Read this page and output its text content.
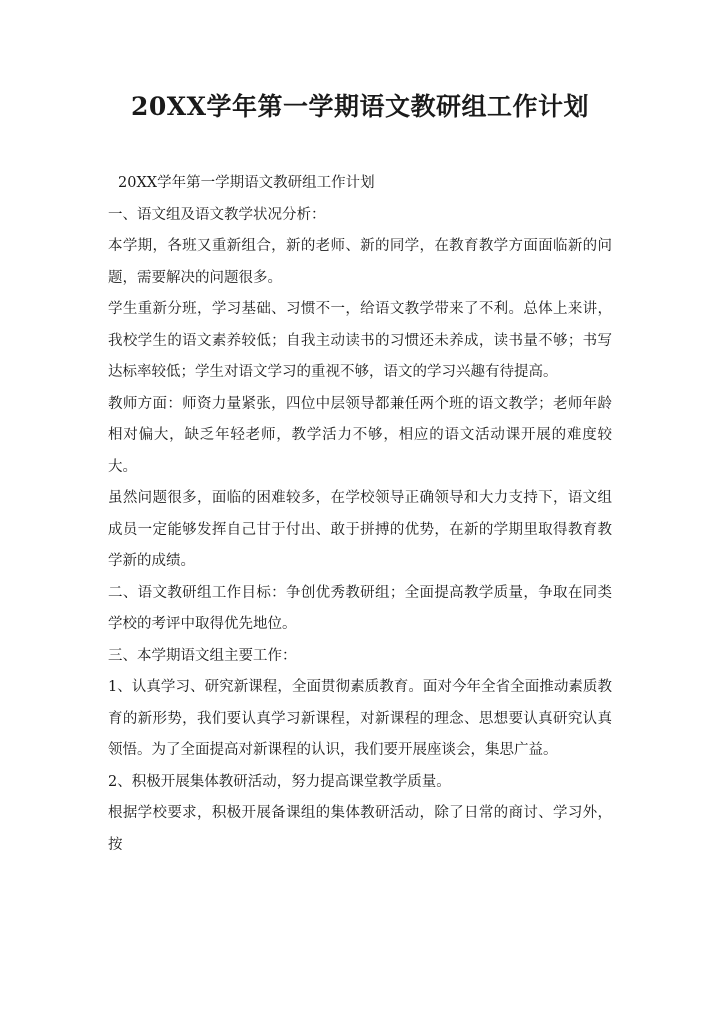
20XX学年第一学期语文教研组工作计划

20XX学年第一学期语文教研组工作计划

一、语文组及语文教学状况分析：

本学期，各班又重新组合，新的老师、新的同学，在教育教学方面面临新的问题，需要解决的问题很多。

学生重新分班，学习基础、习惯不一，给语文教学带来了不利。总体上来讲，我校学生的语文素养较低；自我主动读书的习惯还未养成，读书量不够；书写达标率较低；学生对语文学习的重视不够，语文的学习兴趣有待提高。

教师方面：师资力量紧张，四位中层领导都兼任两个班的语文教学；老师年龄相对偏大，缺乏年轻老师，教学活力不够，相应的语文活动课开展的难度较大。

虽然问题很多，面临的困难较多，在学校领导正确领导和大力支持下，语文组成员一定能够发挥自己甘于付出、敢于拼搏的优势，在新的学期里取得教育教学新的成绩。

二、语文教研组工作目标：争创优秀教研组；全面提高教学质量，争取在同类学校的考评中取得优先地位。

三、本学期语文组主要工作：

1、认真学习、研究新课程，全面贯彻素质教育。面对今年全省全面推动素质教育的新形势，我们要认真学习新课程，对新课程的理念、思想要认真研究认真领悟。为了全面提高对新课程的认识，我们要开展座谈会，集思广益。

2、积极开展集体教研活动，努力提高课堂教学质量。

根据学校要求，积极开展备课组的集体教研活动，除了日常的商讨、学习外，按
